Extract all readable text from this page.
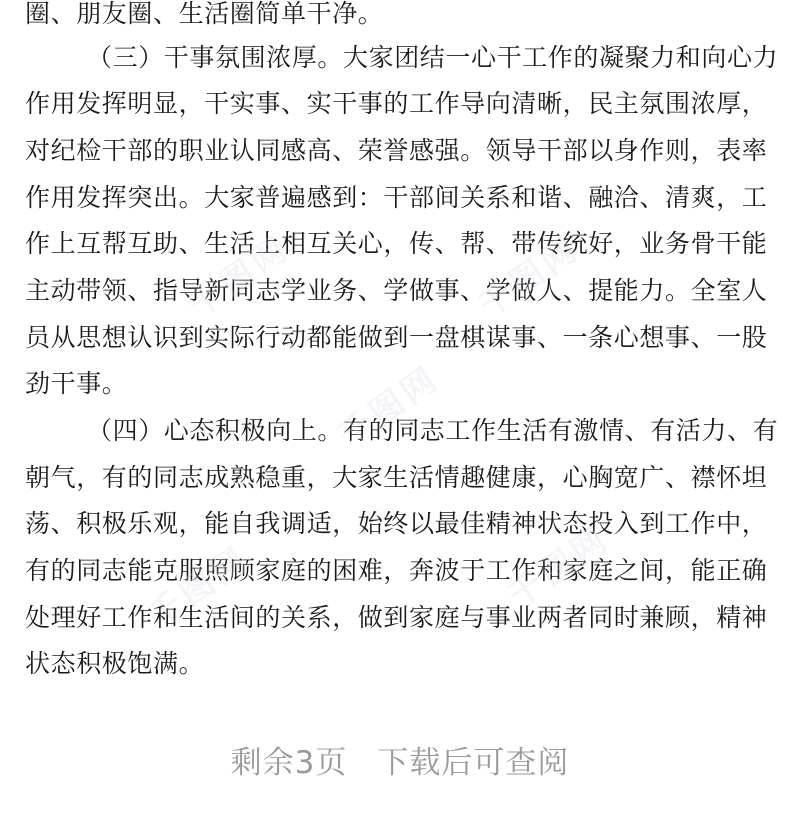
圈、朋友圈、生活圈简单干净。
（三）干事氛围浓厚。大家团结一心干工作的凝聚力和向心力
作用发挥明显，干实事、实干事的工作导向清晰，民主氛围浓厚，
对纪检干部的职业认同感高、荣誉感强。领导干部以身作则，表率
作用发挥突出。大家普遍感到：干部间关系和谐、融洽、清爽，工
作上互帮互助、生活上相互关心，传、帮、带传统好，业务骨干能
主动带领、指导新同志学业务、学做事、学做人、提能力。全室人
员从思想认识到实际行动都能做到一盘棋谋事、一条心想事、一股
劲干事。
（四）心态积极向上。有的同志工作生活有激情、有活力、有
朝气，有的同志成熟稳重，大家生活情趣健康，心胸宽广、襟怀坦
荡、积极乐观，能自我调适，始终以最佳精神状态投入到工作中，
有的同志能克服照顾家庭的困难，奔波于工作和家庭之间，能正确
处理好工作和生活间的关系，做到家庭与事业两者同时兼顾，精神
状态积极饱满。
千图网	千图网
千图网
千图网	千图网
剩余3页 下载后可查阅
